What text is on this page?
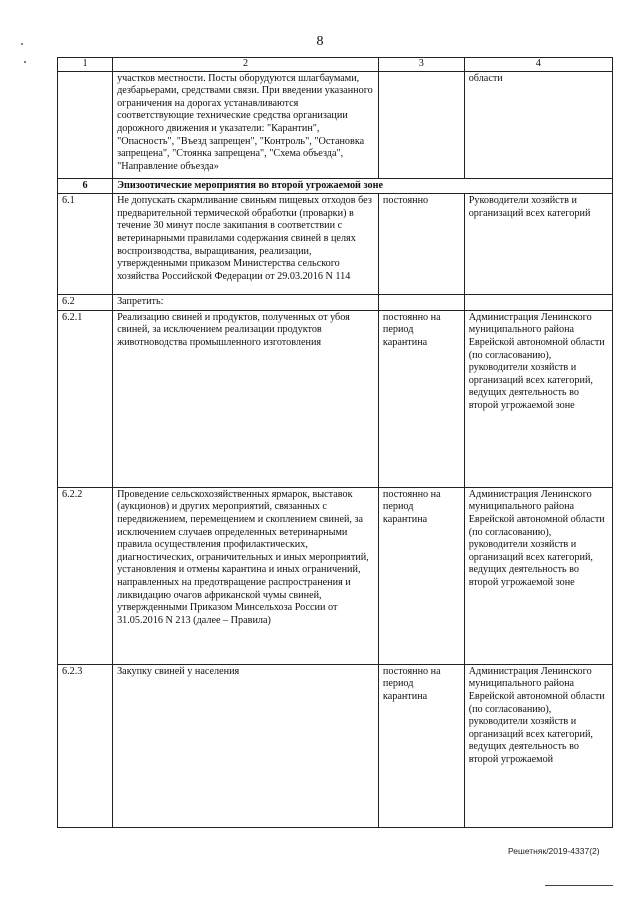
8
1	2	3	4
	участков местности. Посты оборудуются шлагбаумами, дезбарьерами, средствами связи. При введении указанного ограничения на дорогах устанавливаются соответствующие технические средства организации дорожного движения и указатели: "Карантин", "Опасность", "Въезд запрещен", "Контроль", "Остановка запрещена", "Стоянка запрещена", "Схема объезда", "Направление объезда»		области
6	Эпизоотические мероприятия во второй угрожаемой зоне		
6.1	Не допускать скармливание свиньям пищевых отходов без предварительной термической обработки (проварки) в течение 30 минут после закипания в соответствии с ветеринарными правилами содержания свиней в целях воспроизводства, выращивания, реализации, утвержденными приказом Министерства сельского хозяйства Российской Федерации от 29.03.2016 N 114	постоянно	Руководители хозяйств и организаций всех категорий
6.2	Запретить:		
6.2.1	Реализацию свиней и продуктов, полученных от убоя свиней, за исключением реализации продуктов животноводства промышленного изготовления	постоянно на период карантина	Администрация Ленинского муниципального района Еврейской автономной области (по согласованию), руководители хозяйств и организаций всех категорий, ведущих деятельность во второй угрожаемой зоне
6.2.2	Проведение сельскохозяйственных ярмарок, выставок (аукционов) и других мероприятий, связанных с передвижением, перемещением и скоплением свиней, за исключением случаев определенных ветеринарными правила осуществления профилактических, диагностических, ограничительных и иных мероприятий, установления и отмены карантина и иных ограничений, направленных на предотвращение распространения и ликвидацию очагов африканской чумы свиней, утвержденными Приказом Минсельхоза России от 31.05.2016 N 213 (далее – Правила)	постоянно на период карантина	Администрация Ленинского муниципального района Еврейской автономной области (по согласованию), руководители хозяйств и организаций всех категорий, ведущих деятельность во второй угрожаемой зоне
6.2.3	Закупку свиней у населения	постоянно на период карантина	Администрация Ленинского муниципального района Еврейской автономной области (по согласованию), руководители хозяйств и организаций всех категорий, ведущих деятельность во второй угрожаемой
Решетняк/2019-4337(2)
